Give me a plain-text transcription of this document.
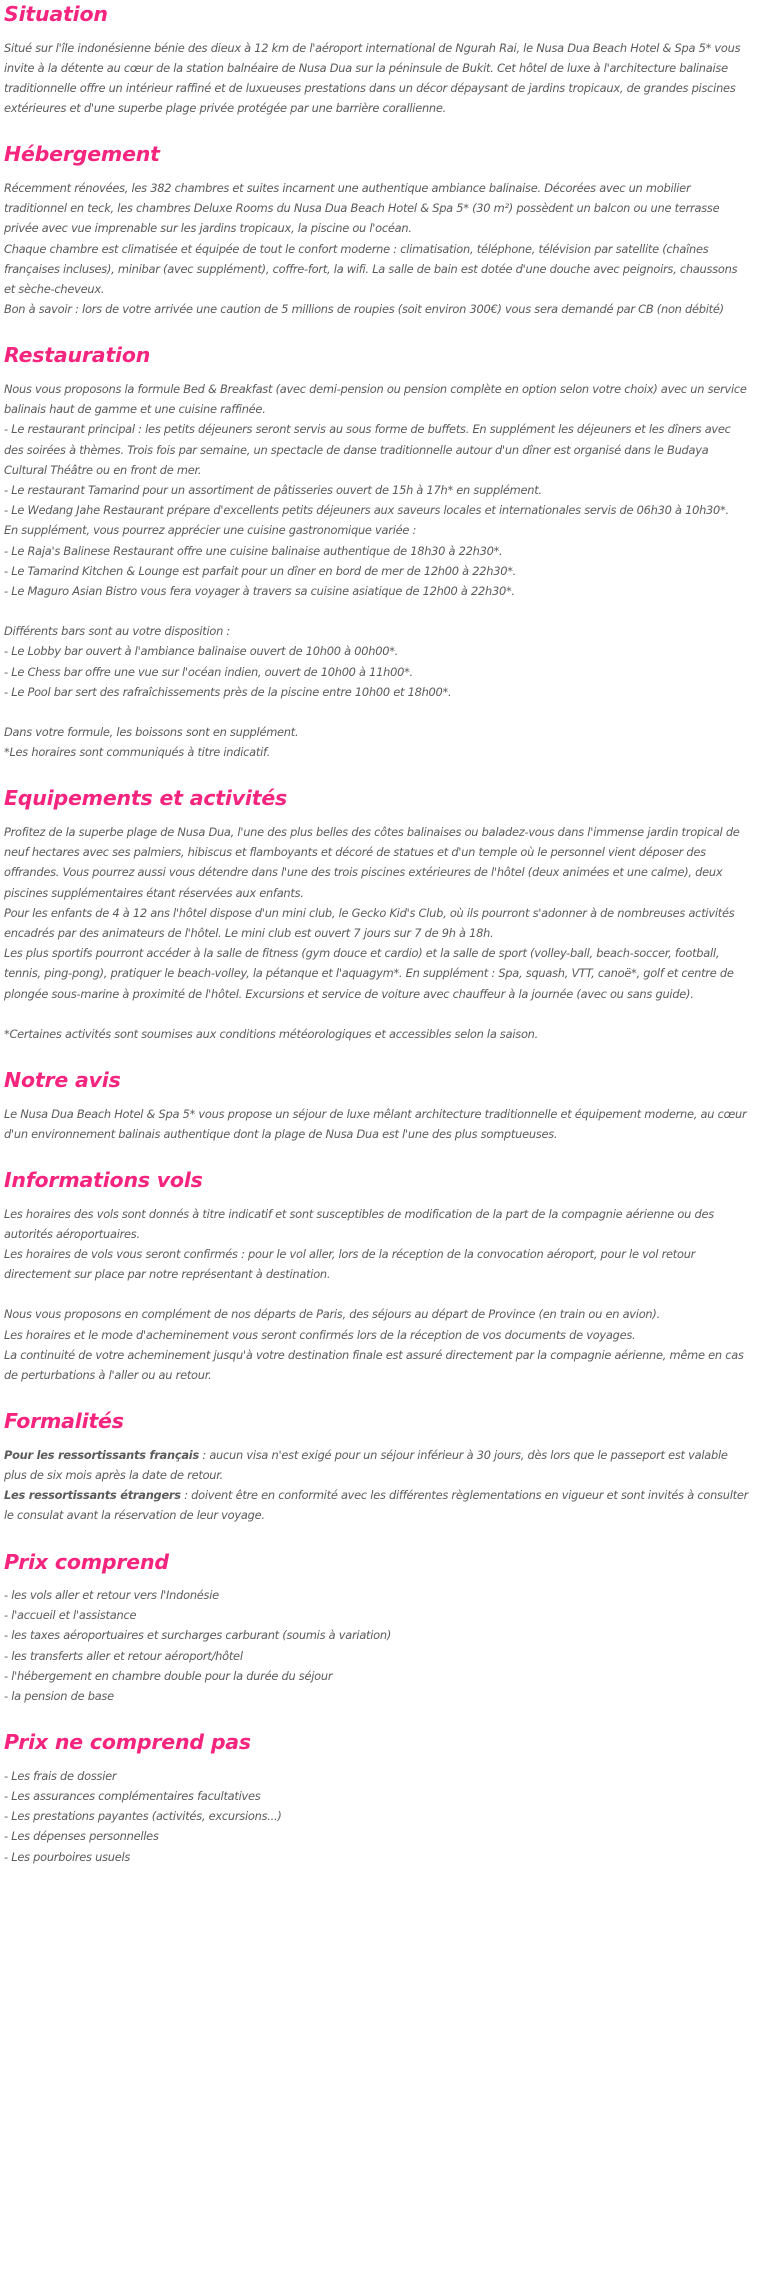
Situation

Situé sur l'île indonésienne bénie des dieux à 12 km de l'aéroport international de Ngurah Rai, le Nusa Dua Beach Hotel & Spa 5* vous invite à la détente au cœur de la station balnéaire de Nusa Dua sur la péninsule de Bukit. Cet hôtel de luxe à l'architecture balinaise traditionnelle offre un intérieur raffiné et de luxueuses prestations dans un décor dépaysant de jardins tropicaux, de grandes piscines extérieures et d'une superbe plage privée protégée par une barrière corallienne.

Hébergement

Récemment rénovées, les 382 chambres et suites incarnent une authentique ambiance balinaise. Décorées avec un mobilier traditionnel en teck, les chambres Deluxe Rooms du Nusa Dua Beach Hotel & Spa 5* (30 m²) possèdent un balcon ou une terrasse privée avec vue imprenable sur les jardins tropicaux, la piscine ou l'océan.

Chaque chambre est climatisée et équipée de tout le confort moderne : climatisation, téléphone, télévision par satellite (chaînes françaises incluses), minibar (avec supplément), coffre-fort, la wifi. La salle de bain est dotée d'une douche avec peignoirs, chaussons et sèche-cheveux.

Bon à savoir : lors de votre arrivée une caution de 5 millions de roupies (soit environ 300€) vous sera demandé par CB (non débité)

Restauration

Nous vous proposons la formule Bed & Breakfast (avec demi-pension ou pension complète en option selon votre choix) avec un service balinais haut de gamme et une cuisine raffinée.

- Le restaurant principal : les petits déjeuners seront servis au sous forme de buffets. En supplément les déjeuners et les dîners avec des soirées à thèmes. Trois fois par semaine, un spectacle de danse traditionnelle autour d'un dîner est organisé dans le Budaya Cultural Théâtre ou en front de mer.

- Le restaurant Tamarind pour un assortiment de pâtisseries ouvert de 15h à 17h* en supplément.

- Le Wedang Jahe Restaurant prépare d'excellents petits déjeuners aux saveurs locales et internationales servis de 06h30 à 10h30*.

En supplément, vous pourrez apprécier une cuisine gastronomique variée :

- Le Raja's Balinese Restaurant offre une cuisine balinaise authentique de 18h30 à 22h30*.

- Le Tamarind Kitchen & Lounge est parfait pour un dîner en bord de mer de 12h00 à 22h30*.

- Le Maguro Asian Bistro vous fera voyager à travers sa cuisine asiatique de 12h00 à 22h30*.

Différents bars sont au votre disposition :

- Le Lobby bar ouvert à l'ambiance balinaise ouvert de 10h00 à 00h00*.

- Le Chess bar offre une vue sur l'océan indien, ouvert de 10h00 à 11h00*.

- Le Pool bar sert des rafraîchissements près de la piscine entre 10h00 et 18h00*.

Dans votre formule, les boissons sont en supplément.

*Les horaires sont communiqués à titre indicatif.

Equipements et activités

Profitez de la superbe plage de Nusa Dua, l'une des plus belles des côtes balinaises ou baladez-vous dans l'immense jardin tropical de neuf hectares avec ses palmiers, hibiscus et flamboyants et décoré de statues et d'un temple où le personnel vient déposer des offrandes. Vous pourrez aussi vous détendre dans l'une des trois piscines extérieures de l'hôtel (deux animées et une calme), deux piscines supplémentaires étant réservées aux enfants.

Pour les enfants de 4 à 12 ans l'hôtel dispose d'un mini club, le Gecko Kid's Club, où ils pourront s'adonner à de nombreuses activités encadrés par des animateurs de l'hôtel. Le mini club est ouvert 7 jours sur 7 de 9h à 18h.

Les plus sportifs pourront accéder à la salle de fitness (gym douce et cardio) et la salle de sport (volley-ball, beach-soccer, football, tennis, ping-pong), pratiquer le beach-volley, la pétanque et l'aquagym*. En supplément : Spa, squash, VTT, canoë*, golf et centre de plongée sous-marine à proximité de l'hôtel. Excursions et service de voiture avec chauffeur à la journée (avec ou sans guide).

*Certaines activités sont soumises aux conditions météorologiques et accessibles selon la saison.

Notre avis

Le Nusa Dua Beach Hotel & Spa 5* vous propose un séjour de luxe mêlant architecture traditionnelle et équipement moderne, au cœur d'un environnement balinais authentique dont la plage de Nusa Dua est l'une des plus somptueuses.

Informations vols

Les horaires des vols sont donnés à titre indicatif et sont susceptibles de modification de la part de la compagnie aérienne ou des autorités aéroportuaires.

Les horaires de vols vous seront confirmés : pour le vol aller, lors de la réception de la convocation aéroport, pour le vol retour directement sur place par notre représentant à destination.

Nous vous proposons en complément de nos départs de Paris, des séjours au départ de Province (en train ou en avion).

Les horaires et le mode d'acheminement vous seront confirmés lors de la réception de vos documents de voyages.

La continuité de votre acheminement jusqu'à votre destination finale est assuré directement par la compagnie aérienne, même en cas de perturbations à l'aller ou au retour.

Formalités

Pour les ressortissants français : aucun visa n'est exigé pour un séjour inférieur à 30 jours, dès lors que le passeport est valable plus de six mois après la date de retour.

Les ressortissants étrangers : doivent être en conformité avec les différentes règlementations en vigueur et sont invités à consulter le consulat avant la réservation de leur voyage.

Prix comprend

- les vols aller et retour vers l'Indonésie

- l'accueil et l'assistance

- les taxes aéroportuaires et surcharges carburant (soumis à variation)

- les transferts aller et retour aéroport/hôtel

- l'hébergement en chambre double pour la durée du séjour

- la pension de base

Prix ne comprend pas

- Les frais de dossier

- Les assurances complémentaires facultatives

- Les prestations payantes (activités, excursions...)

- Les dépenses personnelles

- Les pourboires usuels
